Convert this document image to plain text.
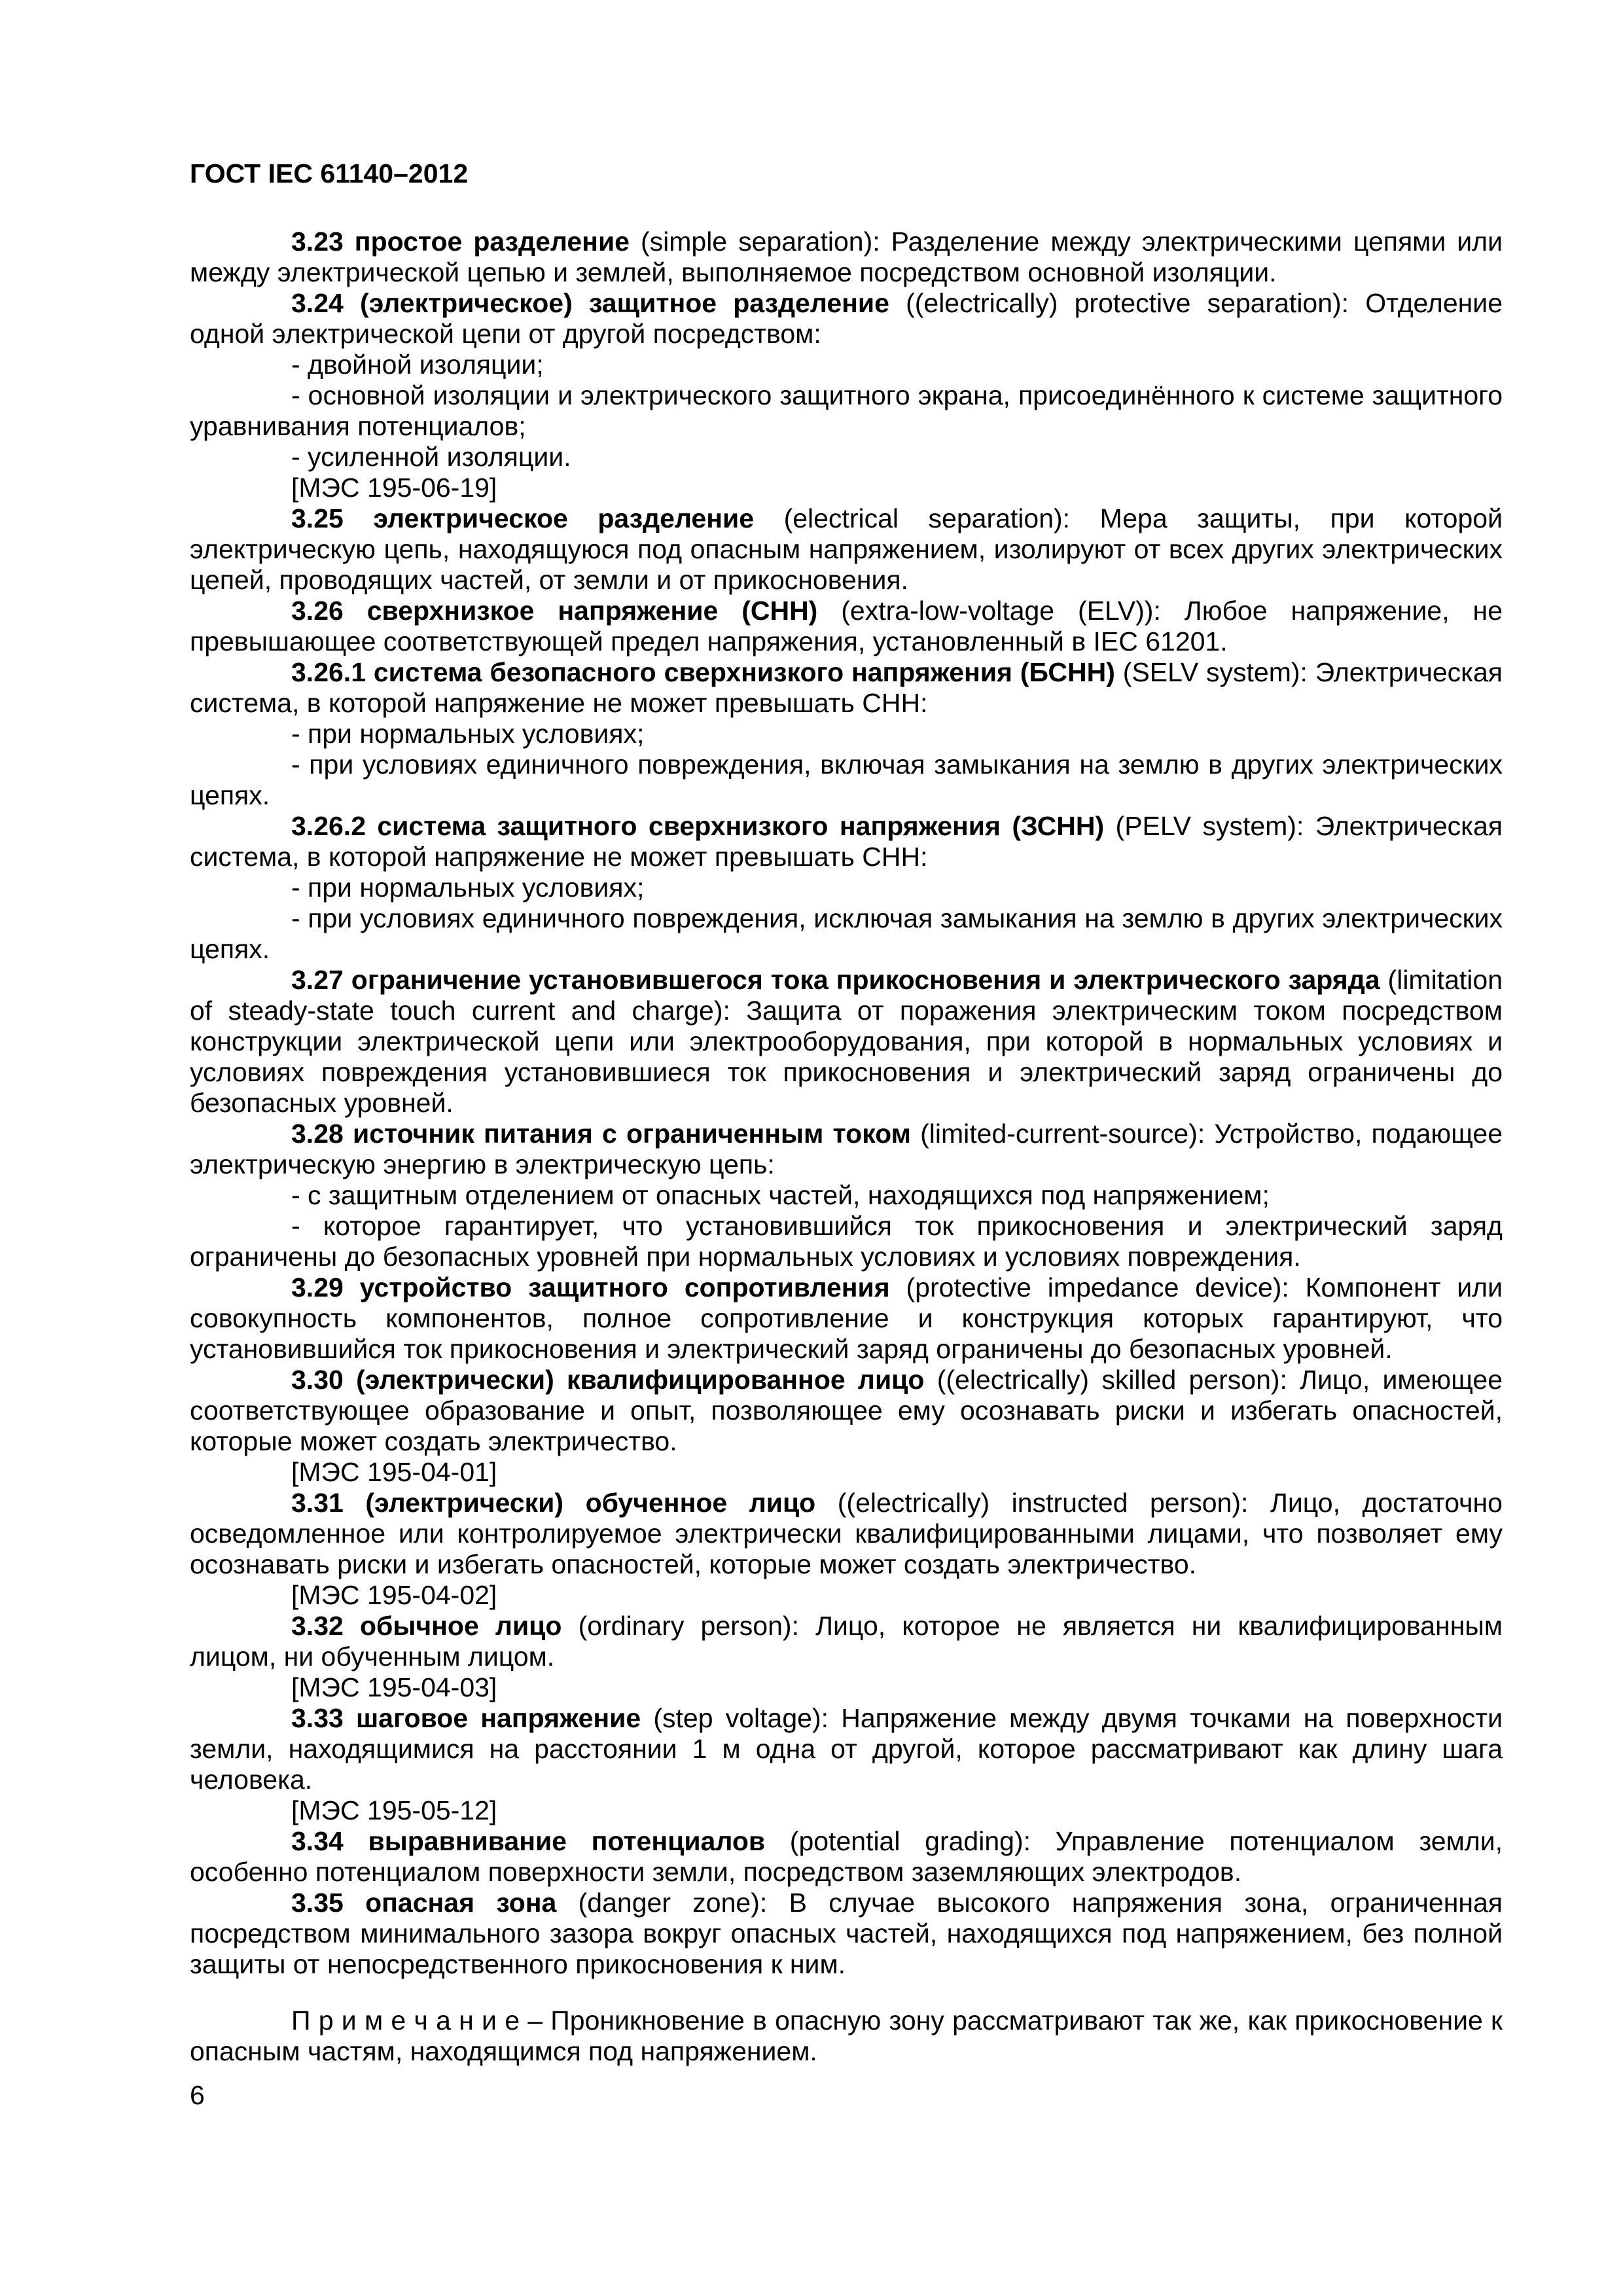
ГОСТ IEC 61140–2012

3.23 простое разделение (simple separation): Разделение между электрическими цепями или между электрической цепью и землей, выполняемое посредством основной изоляции.

3.24 (электрическое) защитное разделение ((electrically) protective separation): Отделение одной электрической цепи от другой посредством:

- двойной изоляции;

- основной изоляции и электрического защитного экрана, присоединённого к системе защитного уравнивания потенциалов;

- усиленной изоляции.

[МЭС 195-06-19]

3.25 электрическое разделение (electrical separation): Мера защиты, при которой электрическую цепь, находящуюся под опасным напряжением, изолируют от всех других электрических цепей, проводящих частей, от земли и от прикосновения.

3.26 сверхнизкое напряжение (СНН) (extra-low-voltage (ELV)): Любое напряжение, не превышающее соответствующей предел напряжения, установленный в IEC 61201.

3.26.1 система безопасного сверхнизкого напряжения (БСНН) (SELV system): Электрическая система, в которой напряжение не может превышать СНН:

- при нормальных условиях;

- при условиях единичного повреждения, включая замыкания на землю в других электрических цепях.

3.26.2 система защитного сверхнизкого напряжения (ЗСНН) (PELV system): Электрическая система, в которой напряжение не может превышать СНН:

- при нормальных условиях;

- при условиях единичного повреждения, исключая замыкания на землю в других электрических цепях.

3.27 ограничение установившегося тока прикосновения и электрического заряда (limitation of steady-state touch current and charge): Защита от поражения электрическим током посредством конструкции электрической цепи или электрооборудования, при которой в нормальных условиях и условиях повреждения установившиеся ток прикосновения и электрический заряд ограничены до безопасных уровней.

3.28 источник питания с ограниченным током (limited-current-source): Устройство, подающее электрическую энергию в электрическую цепь:

- с защитным отделением от опасных частей, находящихся под напряжением;

- которое гарантирует, что установившийся ток прикосновения и электрический заряд ограничены до безопасных уровней при нормальных условиях и условиях повреждения.

3.29 устройство защитного сопротивления (protective impedance device): Компонент или совокупность компонентов, полное сопротивление и конструкция которых гарантируют, что установившийся ток прикосновения и электрический заряд ограничены до безопасных уровней.

3.30 (электрически) квалифицированное лицо ((electrically) skilled person): Лицо, имеющее соответствующее образование и опыт, позволяющее ему осознавать риски и избегать опасностей, которые может создать электричество.

[МЭС 195-04-01]

3.31 (электрически) обученное лицо ((electrically) instructed person): Лицо, достаточно осведомленное или контролируемое электрически квалифицированными лицами, что позволяет ему осознавать риски и избегать опасностей, которые может создать электричество.

[МЭС 195-04-02]

3.32 обычное лицо (ordinary person): Лицо, которое не является ни квалифицированным лицом, ни обученным лицом.

[МЭС 195-04-03]

3.33 шаговое напряжение (step voltage): Напряжение между двумя точками на поверхности земли, находящимися на расстоянии 1 м одна от другой, которое рассматривают как длину шага человека.

[МЭС 195-05-12]

3.34 выравнивание потенциалов (potential grading): Управление потенциалом земли, особенно потенциалом поверхности земли, посредством заземляющих электродов.

3.35 опасная зона (danger zone): В случае высокого напряжения зона, ограниченная посредством минимального зазора вокруг опасных частей, находящихся под напряжением, без полной защиты от непосредственного прикосновения к ним.

П р и м е ч а н и е – Проникновение в опасную зону рассматривают так же, как прикосновение к опасным частям, находящимся под напряжением.

6
